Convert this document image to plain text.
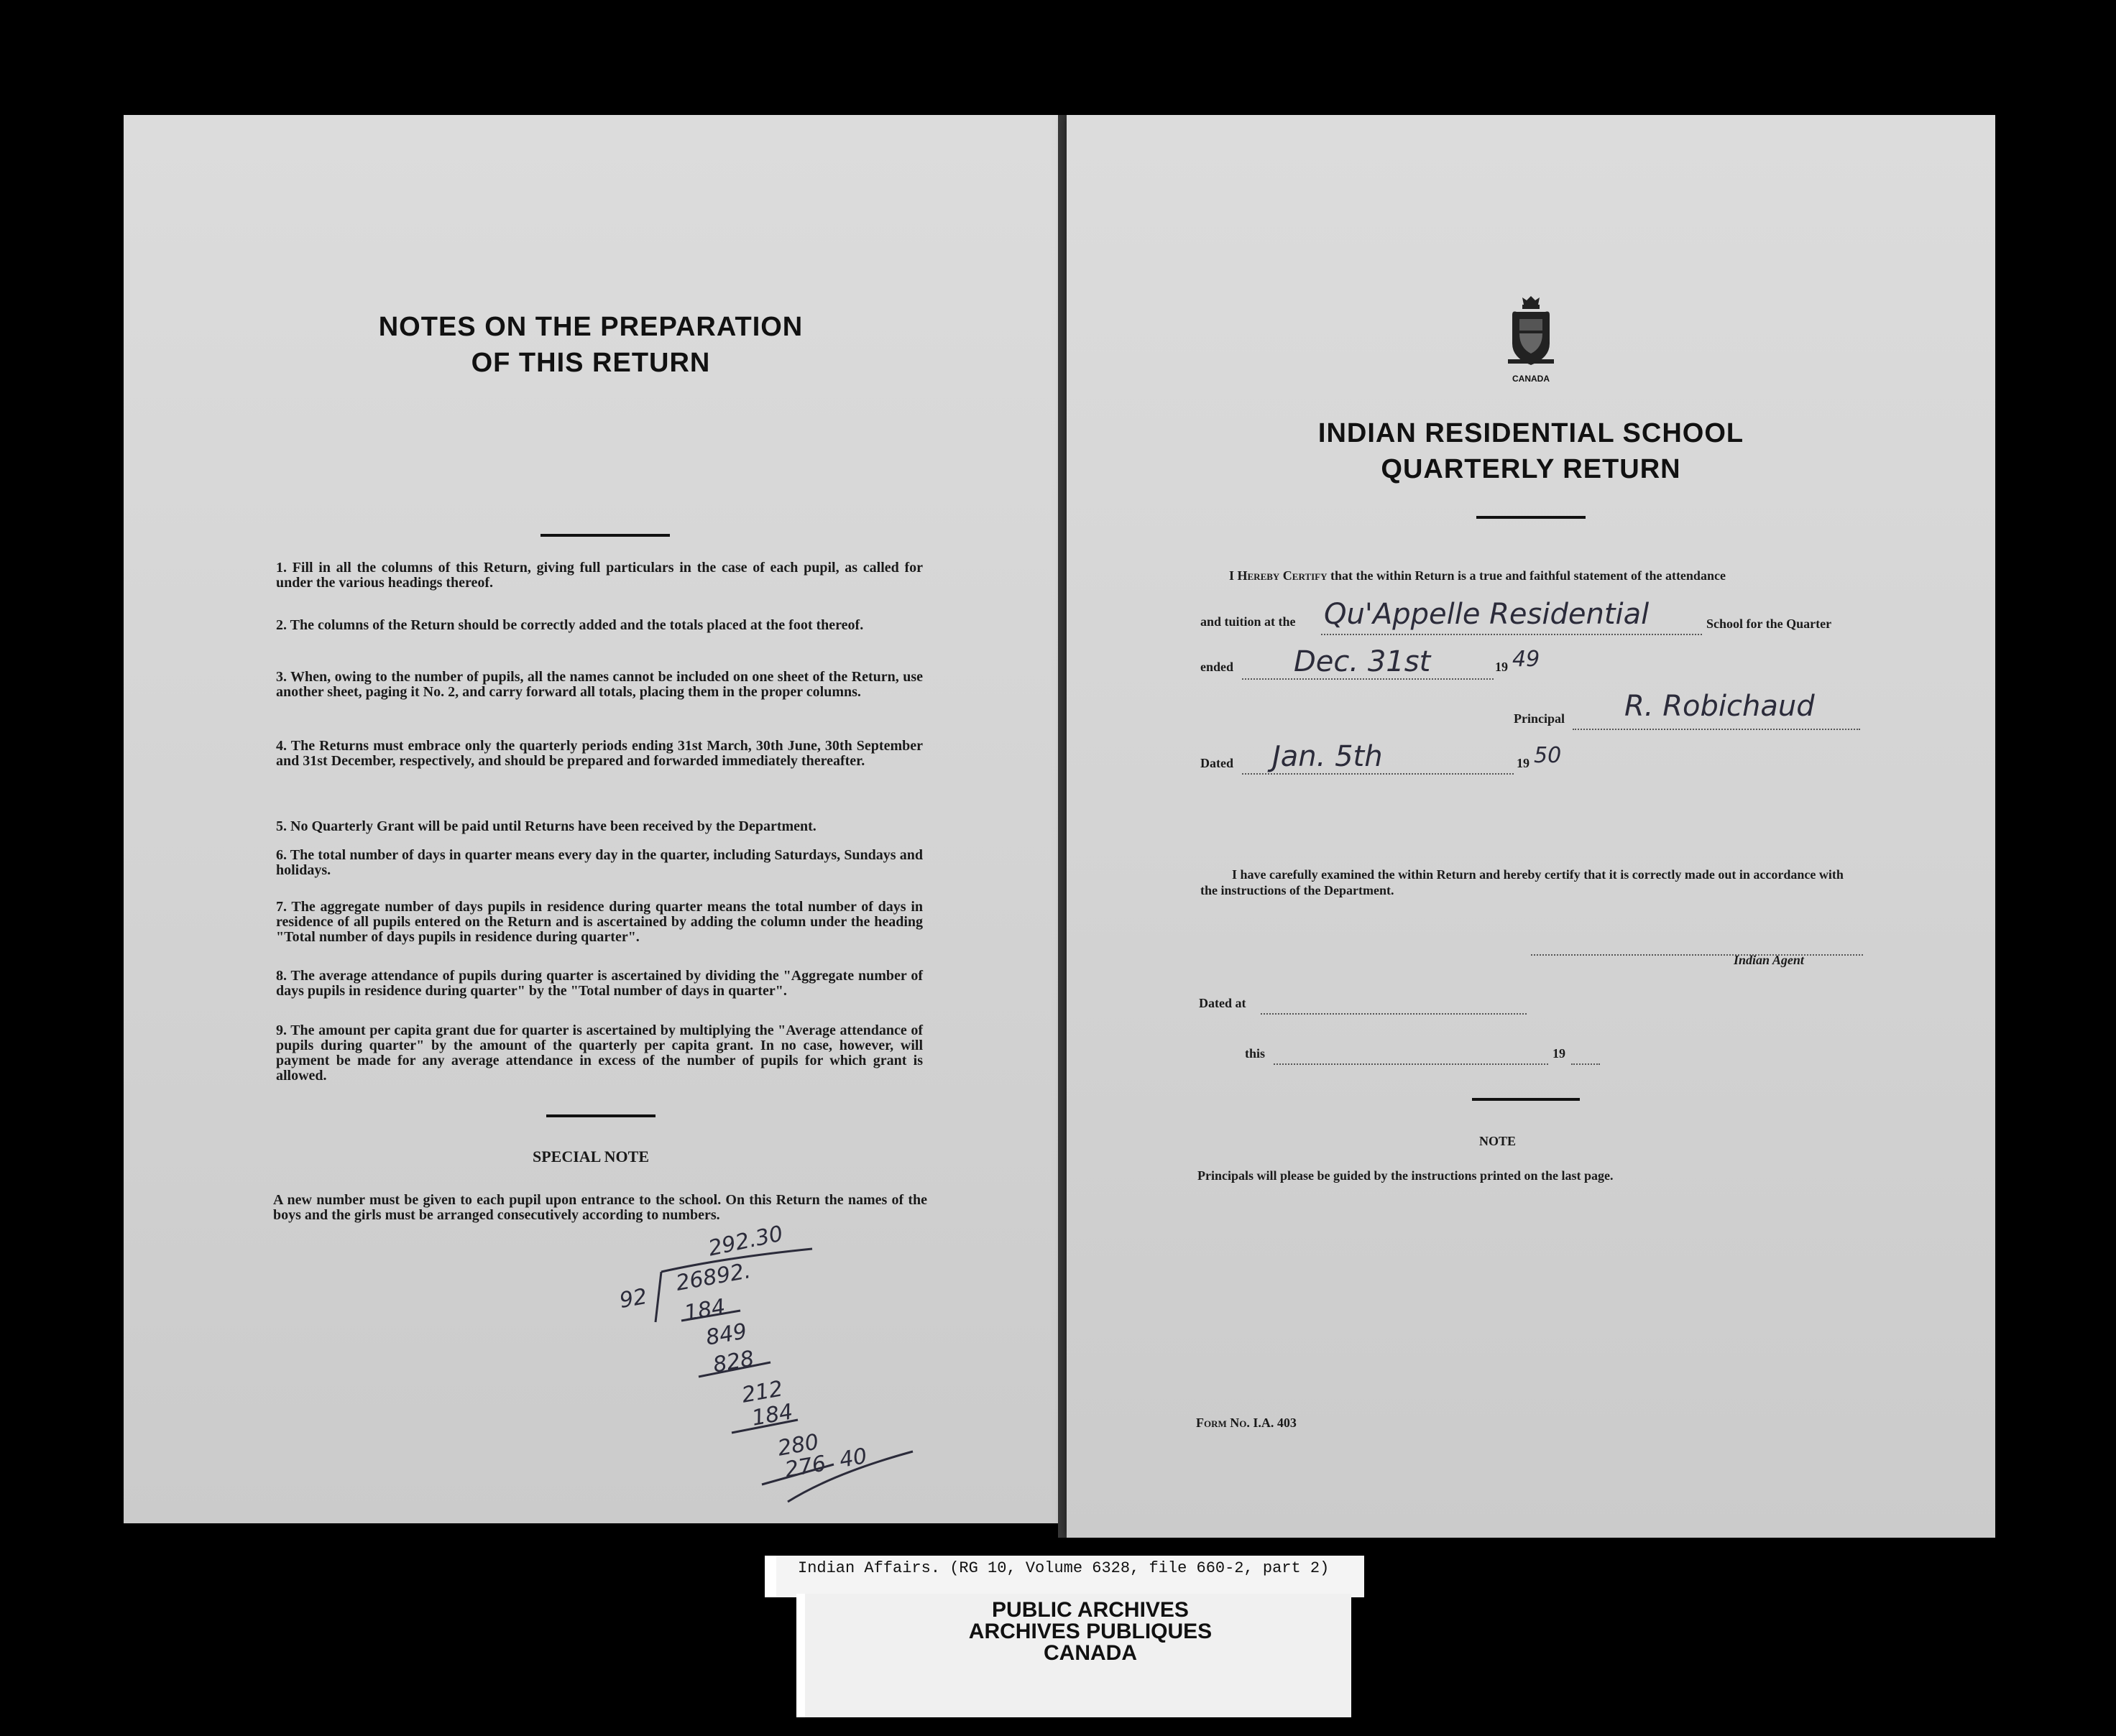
NOTES ON THE PREPARATION
OF THIS RETURN
1. Fill in all the columns of this Return, giving full particulars in the case of each pupil, as called for under the various headings thereof.
2. The columns of the Return should be correctly added and the totals placed at the foot thereof.
3. When, owing to the number of pupils, all the names cannot be included on one sheet of the Return, use another sheet, paging it No. 2, and carry forward all totals, placing them in the proper columns.
4. The Returns must embrace only the quarterly periods ending 31st March, 30th June, 30th September and 31st December, respectively, and should be prepared and forwarded immediately thereafter.
5. No Quarterly Grant will be paid until Returns have been received by the Department.
6. The total number of days in quarter means every day in the quarter, including Saturdays, Sundays and holidays.
7. The aggregate number of days pupils in residence during quarter means the total number of days in residence of all pupils entered on the Return and is ascertained by adding the column under the heading "Total number of days pupils in residence during quarter".
8. The average attendance of pupils during quarter is ascertained by dividing the "Aggregate number of days pupils in residence during quarter" by the "Total number of days in quarter".
9. The amount per capita grant due for quarter is ascertained by multiplying the "Average attendance of pupils during quarter" by the amount of the quarterly per capita grant. In no case, however, will payment be made for any average attendance in excess of the number of pupils for which grant is allowed.
SPECIAL NOTE
A new number must be given to each pupil upon entrance to the school. On this Return the names of the boys and the girls must be arranged consecutively according to numbers.
292.30
92
26892.
184
849
828
212
184
280
276 40
CANADA
INDIAN RESIDENTIAL SCHOOL
QUARTERLY RETURN
I Hereby Certify that the within Return is a true and faithful statement of the attendance
and tuition at the Qu'Appelle Residential	School for the Quarter
ended Dec. 31st	19 49
Principal R. Robichaud
Dated Jan. 5th	19 50
I have carefully examined the within Return and hereby certify that it is correctly made out in accordance with the instructions of the Department.
Indian Agent
Dated at
this	19
NOTE
Principals will please be guided by the instructions printed on the last page.
Form No. I.A. 403
Indian Affairs. (RG 10, Volume 6328, file 660-2, part 2)
PUBLIC ARCHIVES
ARCHIVES PUBLIQUES
CANADA
